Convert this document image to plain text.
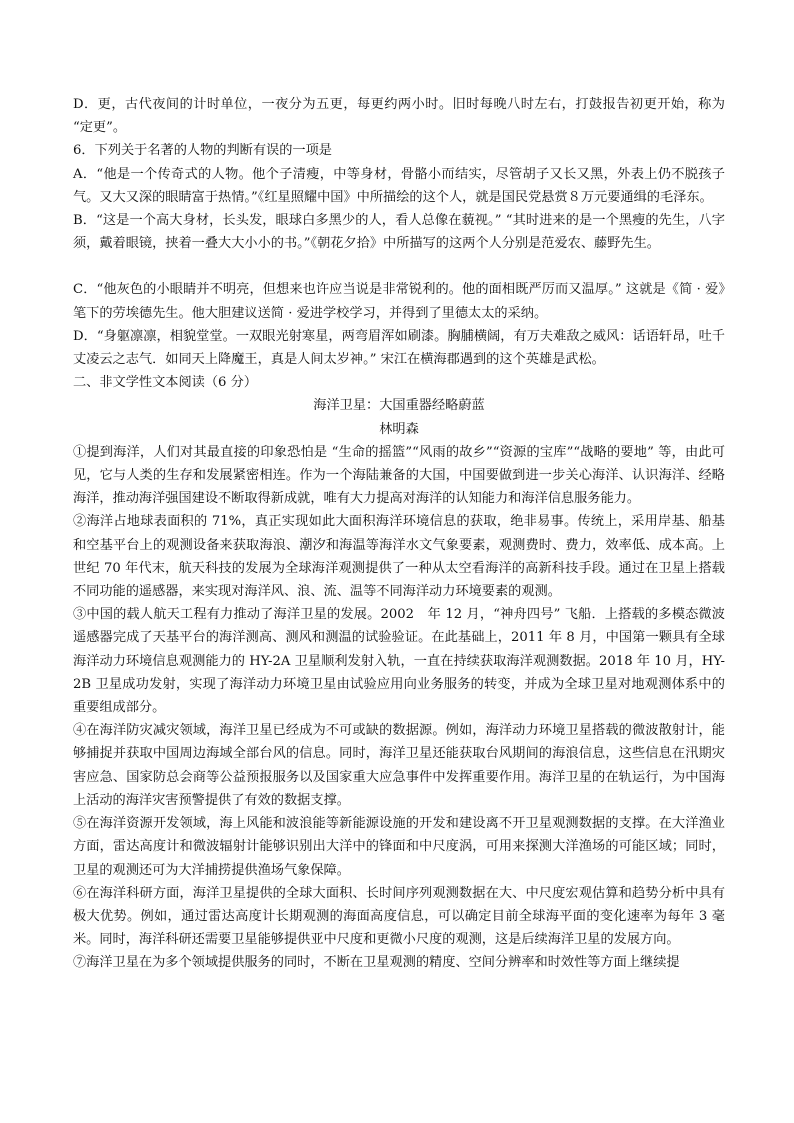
D．更，古代夜间的计时单位，一夜分为五更，每更约两小时。旧时每晚八时左右，打鼓报告初更开始，称为 “定更”。

6．下列关于名著的人物的判断有误的一项是

A．“他是一个传奇式的人物。他个子清瘦，中等身材，骨骼小而结实，尽管胡子又长又黑，外表上仍不脱孩子气。又大又深的眼睛富于热情。”《红星照耀中国》中所描绘的这个人，就是国民党悬赏８万元要通缉的毛泽东。

B．“这是一个高大身材，长头发，眼球白多黑少的人，看人总像在藐视。” “其时进来的是一个黑瘦的先生，八字须，戴着眼镜，挟着一叠大大小小的书。”《朝花夕拾》中所描写的这两个人分别是范爱农、藤野先生。

C．“他灰色的小眼睛并不明亮，但想来也许应当说是非常锐利的。他的面相既严厉而又温厚。” 这就是《简 · 爱》笔下的劳埃德先生。他大胆建议送简 · 爱进学校学习，并得到了里德太太的采纳。

D．“身躯凛凛，相貌堂堂。一双眼光射寒星，两弯眉浑如刷漆。胸脯横阔，有万夫难敌之威风：话语轩昂，吐千丈凌云之志气．如同天上降魔王，真是人间太岁神。” 宋江在横海郡遇到的这个英雄是武松。

二、非文学性文本阅读（6 分）

海洋卫星：大国重器经略蔚蓝

林明森

①提到海洋，人们对其最直接的印象恐怕是 “生命的摇篮”“风雨的故乡”“资源的宝库”“战略的要地” 等，由此可见，它与人类的生存和发展紧密相连。作为一个海陆兼备的大国，中国要做到进一步关心海洋、认识海洋、经略海洋，推动海洋强国建设不断取得新成就，唯有大力提高对海洋的认知能力和海洋信息服务能力。

②海洋占地球表面积的 71%，真正实现如此大面积海洋环境信息的获取，绝非易事。传统上，采用岸基、船基和空基平台上的观测设备来获取海浪、潮汐和海温等海洋水文气象要素，观测费时、费力，效率低、成本高。上世纪 70 年代末，航天科技的发展为全球海洋观测提供了一种从太空看海洋的高新科技手段。通过在卫星上搭载不同功能的遥感器，来实现对海洋风、浪、流、温等不同海洋动力环境要素的观测。

③中国的载人航天工程有力推动了海洋卫星的发展。2002　年 12 月，“神舟四号” 飞船．上搭载的多模态微波遥感器完成了天基平台的海洋测高、测风和测温的试验验证。在此基础上，2011 年 8 月，中国第一颗具有全球海洋动力环境信息观测能力的 HY-2A 卫星顺利发射入轨，一直在持续获取海洋观测数据。2018 年 10 月，HY-2B 卫星成功发射，实现了海洋动力环境卫星由试验应用向业务服务的转变，并成为全球卫星对地观测体系中的重要组成部分。

④在海洋防灾减灾领域，海洋卫星已经成为不可或缺的数据源。例如，海洋动力环境卫星搭载的微波散射计，能够捕捉并获取中国周边海域全部台风的信息。同时，海洋卫星还能获取台风期间的海浪信息，这些信息在汛期灾害应急、国家防总会商等公益预报服务以及国家重大应急事件中发挥重要作用。海洋卫星的在轨运行，为中国海上活动的海洋灾害预警提供了有效的数据支撑。

⑤在海洋资源开发领域，海上风能和波浪能等新能源设施的开发和建设离不开卫星观测数据的支撑。在大洋渔业方面，雷达高度计和微波辐射计能够识别出大洋中的锋面和中尺度涡，可用来探测大洋渔场的可能区域；同时，卫星的观测还可为大洋捕捞提供渔场气象保障。

⑥在海洋科研方面，海洋卫星提供的全球大面积、长时间序列观测数据在大、中尺度宏观估算和趋势分析中具有极大优势。例如，通过雷达高度计长期观测的海面高度信息，可以确定目前全球海平面的变化速率为每年 3 毫米。同时，海洋科研还需要卫星能够提供亚中尺度和更微小尺度的观测，这是后续海洋卫星的发展方向。

⑦海洋卫星在为多个领域提供服务的同时，不断在卫星观测的精度、空间分辨率和时效性等方面上继续提
